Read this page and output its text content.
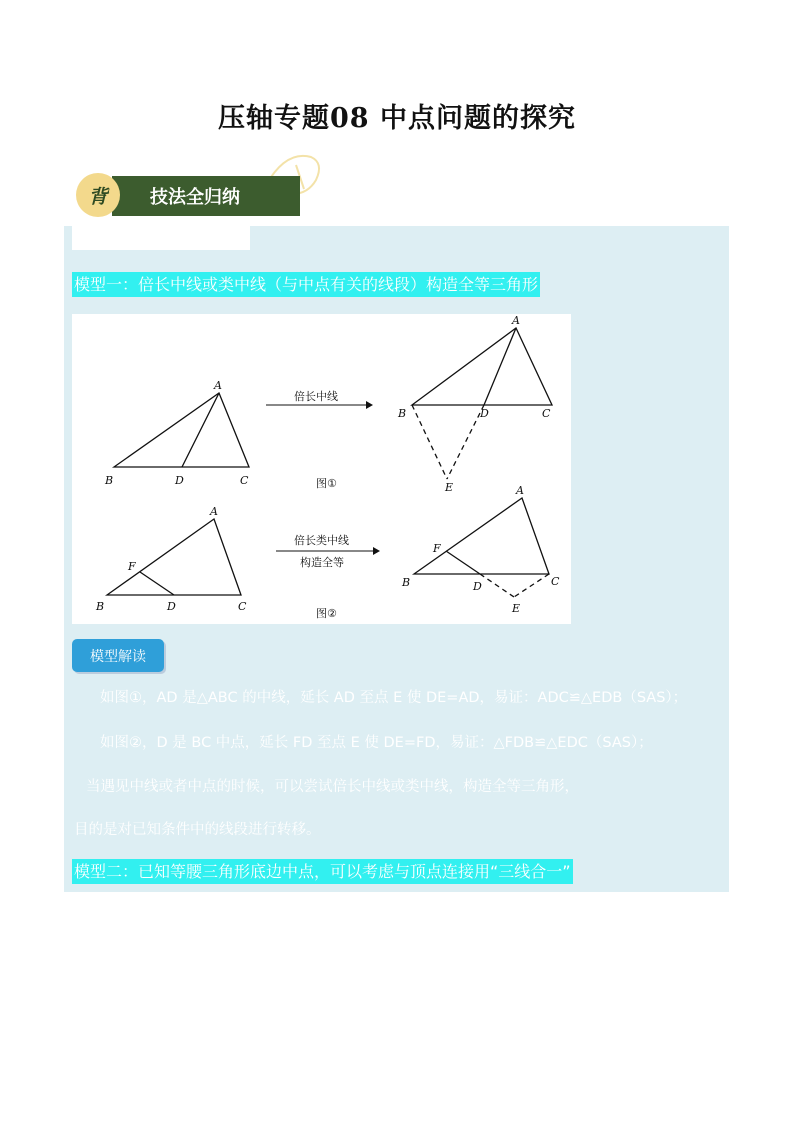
压轴专题08 中点问题的探究
背	技法全归纳
模型一：倍长中线或类中线（与中点有关的线段）构造全等三角形
A
B	D	C
倍长中线
图①
A
B	D	C
E
A
F
B	D	C
倍长类中线
构造全等
图②
A
F
B	D	C
E
模型解读
如图①，AD 是△ABC 的中线，延长 AD 至点 E 使 DE=AD，易证：ADC≌△EDB（SAS）；
如图②，D 是 BC 中点，延长 FD 至点 E 使 DE=FD，易证：△FDB≌△EDC（SAS）；
当遇见中线或者中点的时候，可以尝试倍长中线或类中线，构造全等三角形，
目的是对已知条件中的线段进行转移。
模型二：已知等腰三角形底边中点，可以考虑与顶点连接用“三线合一”
